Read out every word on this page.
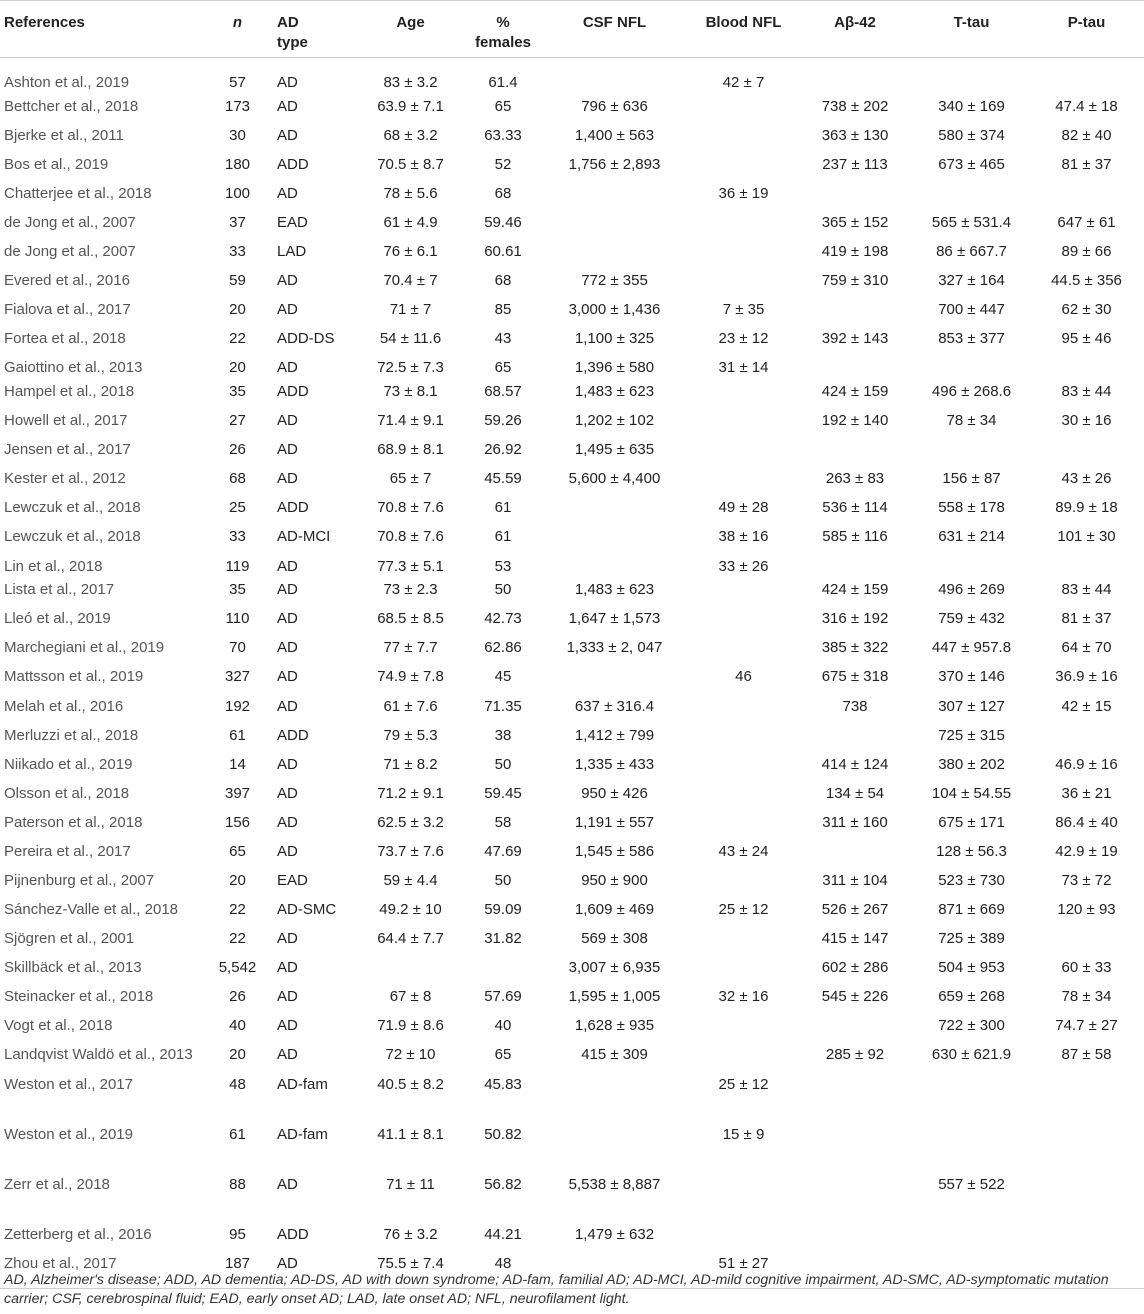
References	n	AD
type	Age	%
females	CSF NFL	Blood NFL	Aβ-42	T-tau	P-tau
Ashton et al., 2019	57	AD	83 ± 3.2	61.4		42 ± 7			
Bettcher et al., 2018	173	AD	63.9 ± 7.1	65	796 ± 636		738 ± 202	340 ± 169	47.4 ± 18
Bjerke et al., 2011	30	AD	68 ± 3.2	63.33	1,400 ± 563		363 ± 130	580 ± 374	82 ± 40
Bos et al., 2019	180	ADD	70.5 ± 8.7	52	1,756 ± 2,893		237 ± 113	673 ± 465	81 ± 37
Chatterjee et al., 2018	100	AD	78 ± 5.6	68		36 ± 19			
de Jong et al., 2007	37	EAD	61 ± 4.9	59.46			365 ± 152	565 ± 531.4	647 ± 61
de Jong et al., 2007	33	LAD	76 ± 6.1	60.61			419 ± 198	86 ± 667.7	89 ± 66
Evered et al., 2016	59	AD	70.4 ± 7	68	772 ± 355		759 ± 310	327 ± 164	44.5 ± 356
Fialova et al., 2017	20	AD	71 ± 7	85	3,000 ± 1,436	7 ± 35		700 ± 447	62 ± 30
Fortea et al., 2018	22	ADD-DS	54 ± 11.6	43	1,100 ± 325	23 ± 12	392 ± 143	853 ± 377	95 ± 46
Gaiottino et al., 2013	20	AD	72.5 ± 7.3	65	1,396 ± 580	31 ± 14			
Hampel et al., 2018	35	ADD	73 ± 8.1	68.57	1,483 ± 623		424 ± 159	496 ± 268.6	83 ± 44
Howell et al., 2017	27	AD	71.4 ± 9.1	59.26	1,202 ± 102		192 ± 140	78 ± 34	30 ± 16
Jensen et al., 2017	26	AD	68.9 ± 8.1	26.92	1,495 ± 635				
Kester et al., 2012	68	AD	65 ± 7	45.59	5,600 ± 4,400		263 ± 83	156 ± 87	43 ± 26
Lewczuk et al., 2018	25	ADD	70.8 ± 7.6	61		49 ± 28	536 ± 114	558 ± 178	89.9 ± 18
Lewczuk et al., 2018	33	AD-MCI	70.8 ± 7.6	61		38 ± 16	585 ± 116	631 ± 214	101 ± 30
Lin et al., 2018	119	AD	77.3 ± 5.1	53		33 ± 26			
Lista et al., 2017	35	AD	73 ± 2.3	50	1,483 ± 623		424 ± 159	496 ± 269	83 ± 44
Lleó et al., 2019	110	AD	68.5 ± 8.5	42.73	1,647 ± 1,573		316 ± 192	759 ± 432	81 ± 37
Marchegiani et al., 2019	70	AD	77 ± 7.7	62.86	1,333 ± 2, 047		385 ± 322	447 ± 957.8	64 ± 70
Mattsson et al., 2019	327	AD	74.9 ± 7.8	45		46	675 ± 318	370 ± 146	36.9 ± 16
Melah et al., 2016	192	AD	61 ± 7.6	71.35	637 ± 316.4		738	307 ± 127	42 ± 15
Merluzzi et al., 2018	61	ADD	79 ± 5.3	38	1,412 ± 799			725 ± 315	
Niikado et al., 2019	14	AD	71 ± 8.2	50	1,335 ± 433		414 ± 124	380 ± 202	46.9 ± 16
Olsson et al., 2018	397	AD	71.2 ± 9.1	59.45	950 ± 426		134 ± 54	104 ± 54.55	36 ± 21
Paterson et al., 2018	156	AD	62.5 ± 3.2	58	1,191 ± 557		311 ± 160	675 ± 171	86.4 ± 40
Pereira et al., 2017	65	AD	73.7 ± 7.6	47.69	1,545 ± 586	43 ± 24		128 ± 56.3	42.9 ± 19
Pijnenburg et al., 2007	20	EAD	59 ± 4.4	50	950 ± 900		311 ± 104	523 ± 730	73 ± 72
Sánchez-Valle et al., 2018	22	AD-SMC	49.2 ± 10	59.09	1,609 ± 469	25 ± 12	526 ± 267	871 ± 669	120 ± 93
Sjögren et al., 2001	22	AD	64.4 ± 7.7	31.82	569 ± 308		415 ± 147	725 ± 389	
Skillbäck et al., 2013	5,542	AD			3,007 ± 6,935		602 ± 286	504 ± 953	60 ± 33
Steinacker et al., 2018	26	AD	67 ± 8	57.69	1,595 ± 1,005	32 ± 16	545 ± 226	659 ± 268	78 ± 34
Vogt et al., 2018	40	AD	71.9 ± 8.6	40	1,628 ± 935			722 ± 300	74.7 ± 27
Landqvist Waldö et al., 2013	20	AD	72 ± 10	65	415 ± 309		285 ± 92	630 ± 621.9	87 ± 58
Weston et al., 2017	48	AD-fam	40.5 ± 8.2	45.83		25 ± 12			
Weston et al., 2019	61	AD-fam	41.1 ± 8.1	50.82		15 ± 9			
Zerr et al., 2018	88	AD	71 ± 11	56.82	5,538 ± 8,887			557 ± 522	
Zetterberg et al., 2016	95	ADD	76 ± 3.2	44.21	1,479 ± 632				
Zhou et al., 2017	187	AD	75.5 ± 7.4	48		51 ± 27			
AD, Alzheimer's disease; ADD, AD dementia; AD-DS, AD with down syndrome; AD-fam, familial AD; AD-MCI, AD-mild cognitive impairment, AD-SMC, AD-symptomatic mutation carrier; CSF, cerebrospinal fluid; EAD, early onset AD; LAD, late onset AD; NFL, neurofilament light.
